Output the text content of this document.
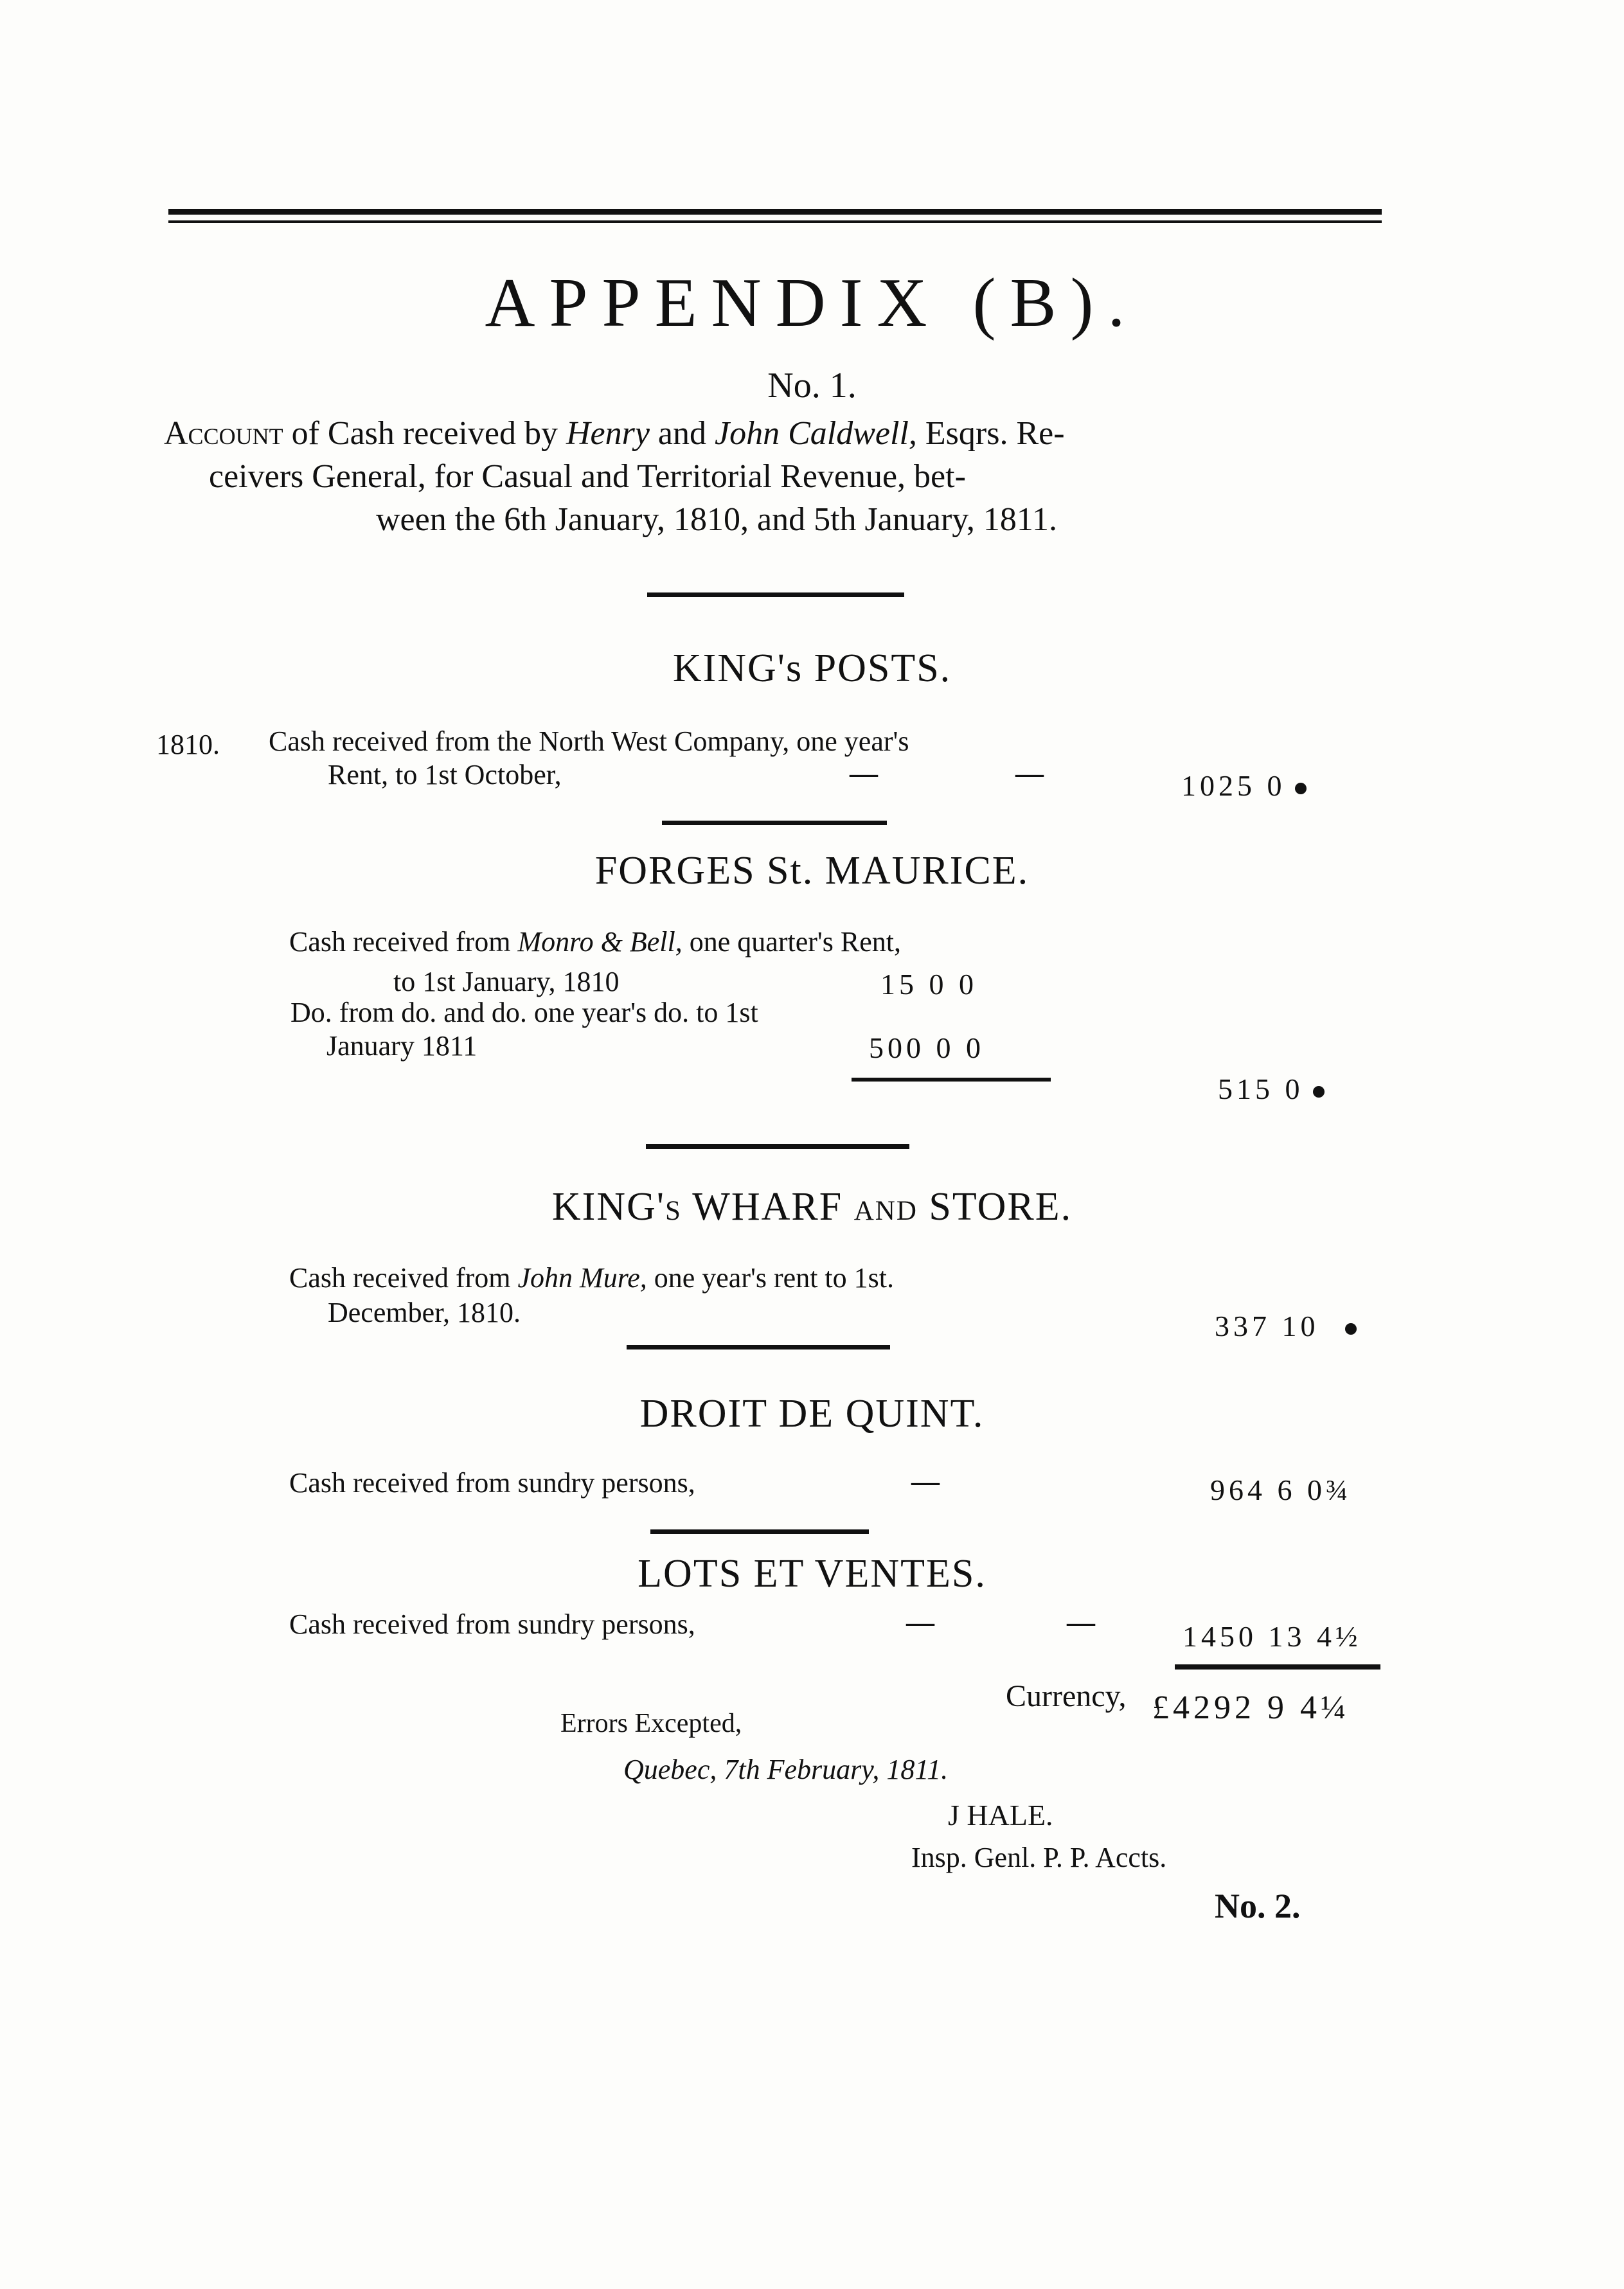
APPENDIX (B).
No. 1.
Account of Cash received by Henry and John Caldwell, Esqrs. Re-
ceivers General, for Casual and Territorial Revenue, bet-
ween the 6th January, 1810, and 5th January, 1811.
KING's POSTS.
1810. Cash received from the North West Company, one year's
Rent, to 1st October,	—	—	1025 0
FORGES St. MAURICE.
Cash received from Monro & Bell, one quarter's Rent,
to 1st January, 1810	15 0 0
Do. from do. and do. one year's do. to 1st
January 1811	500 0 0
515 0
KING's WHARF and STORE.
Cash received from John Mure, one year's rent to 1st.
December, 1810.	337 10
DROIT DE QUINT.
Cash received from sundry persons,	—	964 6 0¾
LOTS ET VENTES.
Cash received from sundry persons,	—	—	1450 13 4½
Currency, £4292 9 4¼
Errors Excepted,
Quebec, 7th February, 1811.
J HALE.
Insp. Genl. P. P. Accts.
No. 2.
